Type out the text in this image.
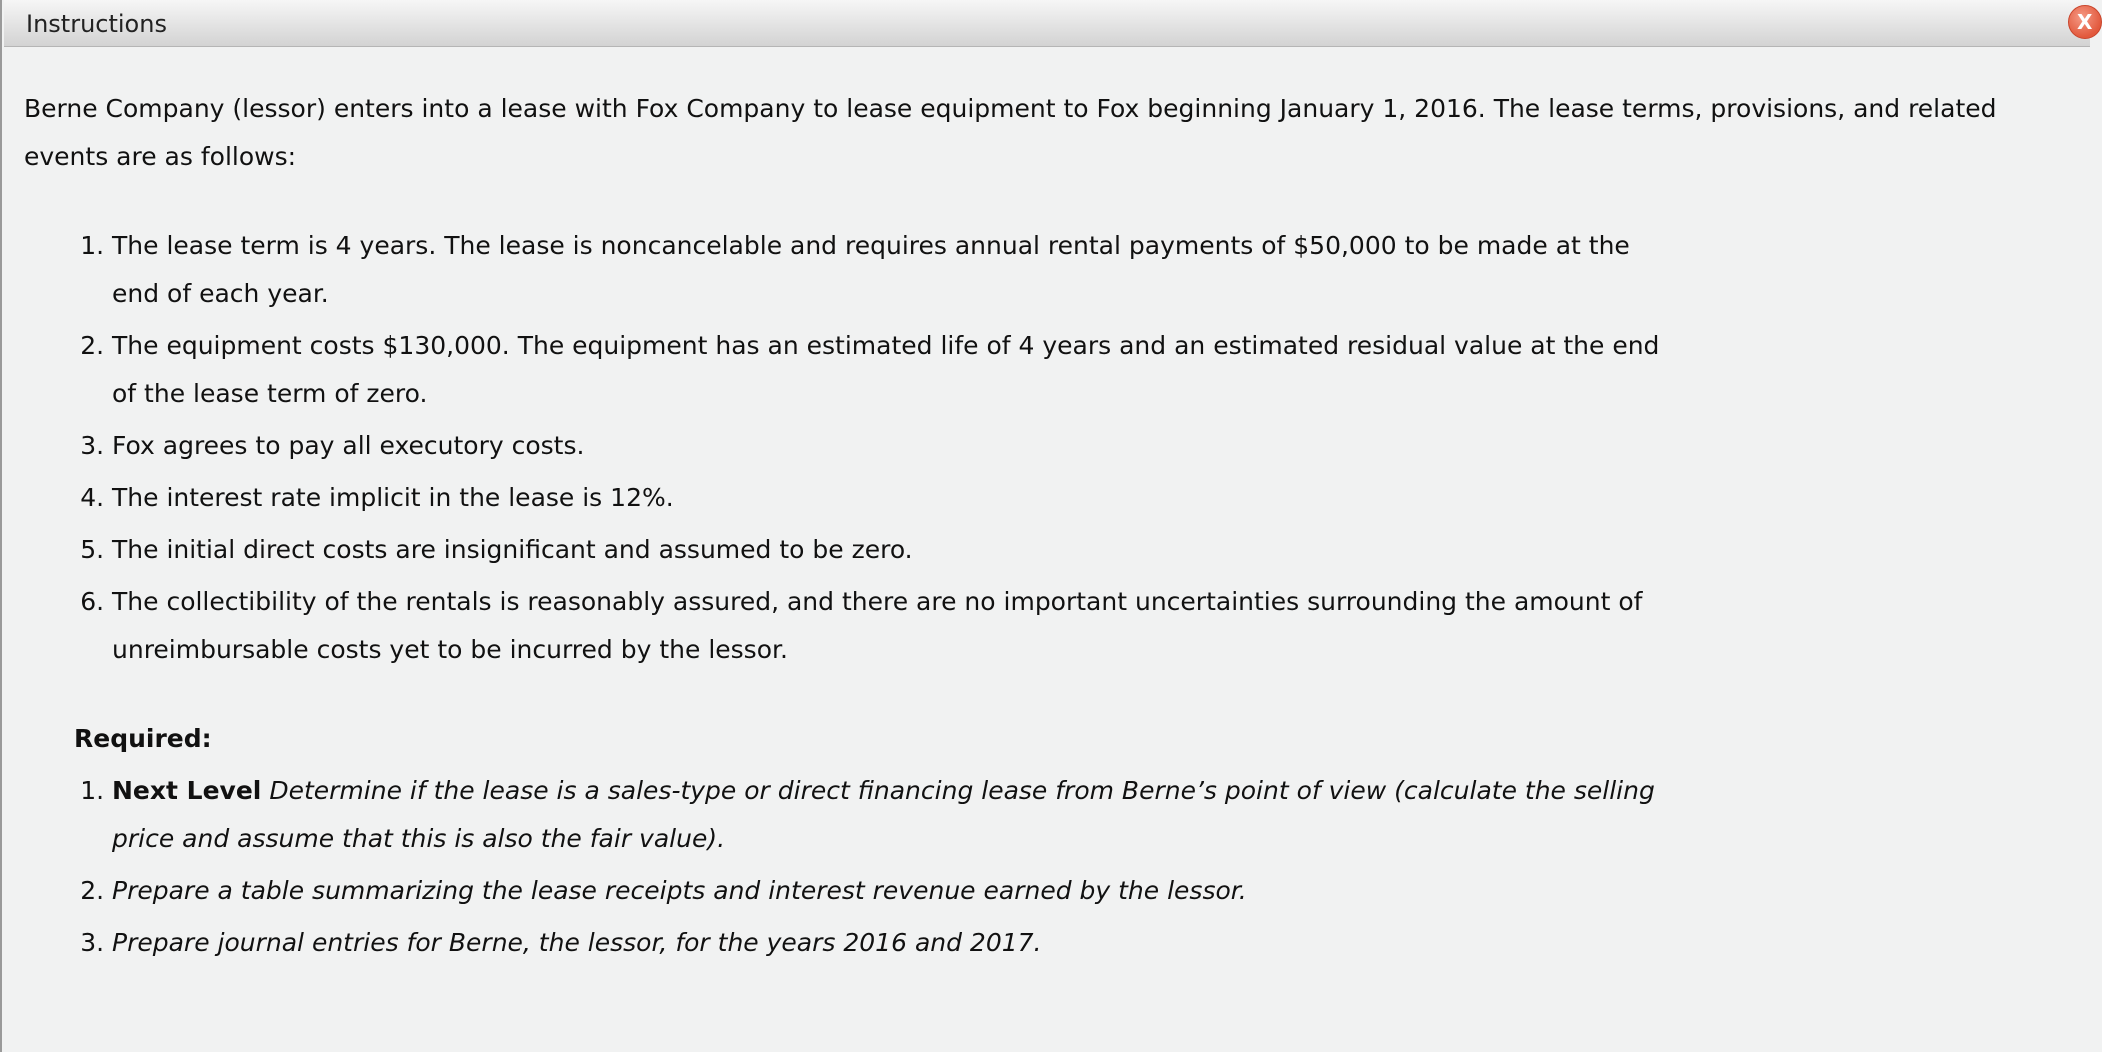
Instructions	X

Berne Company (lessor) enters into a lease with Fox Company to lease equipment to Fox beginning January 1, 2016. The lease terms, provisions, and related events are as follows:

1. The lease term is 4 years. The lease is noncancelable and requires annual rental payments of $50,000 to be made at the end of each year.
2. The equipment costs $130,000. The equipment has an estimated life of 4 years and an estimated residual value at the end of the lease term of zero.
3. Fox agrees to pay all executory costs.
4. The interest rate implicit in the lease is 12%.
5. The initial direct costs are insignificant and assumed to be zero.
6. The collectibility of the rentals is reasonably assured, and there are no important uncertainties surrounding the amount of unreimbursable costs yet to be incurred by the lessor.
Required:
1. Next Level Determine if the lease is a sales-type or direct financing lease from Berne’s point of view (calculate the selling price and assume that this is also the fair value).
2. Prepare a table summarizing the lease receipts and interest revenue earned by the lessor.
3. Prepare journal entries for Berne, the lessor, for the years 2016 and 2017.
